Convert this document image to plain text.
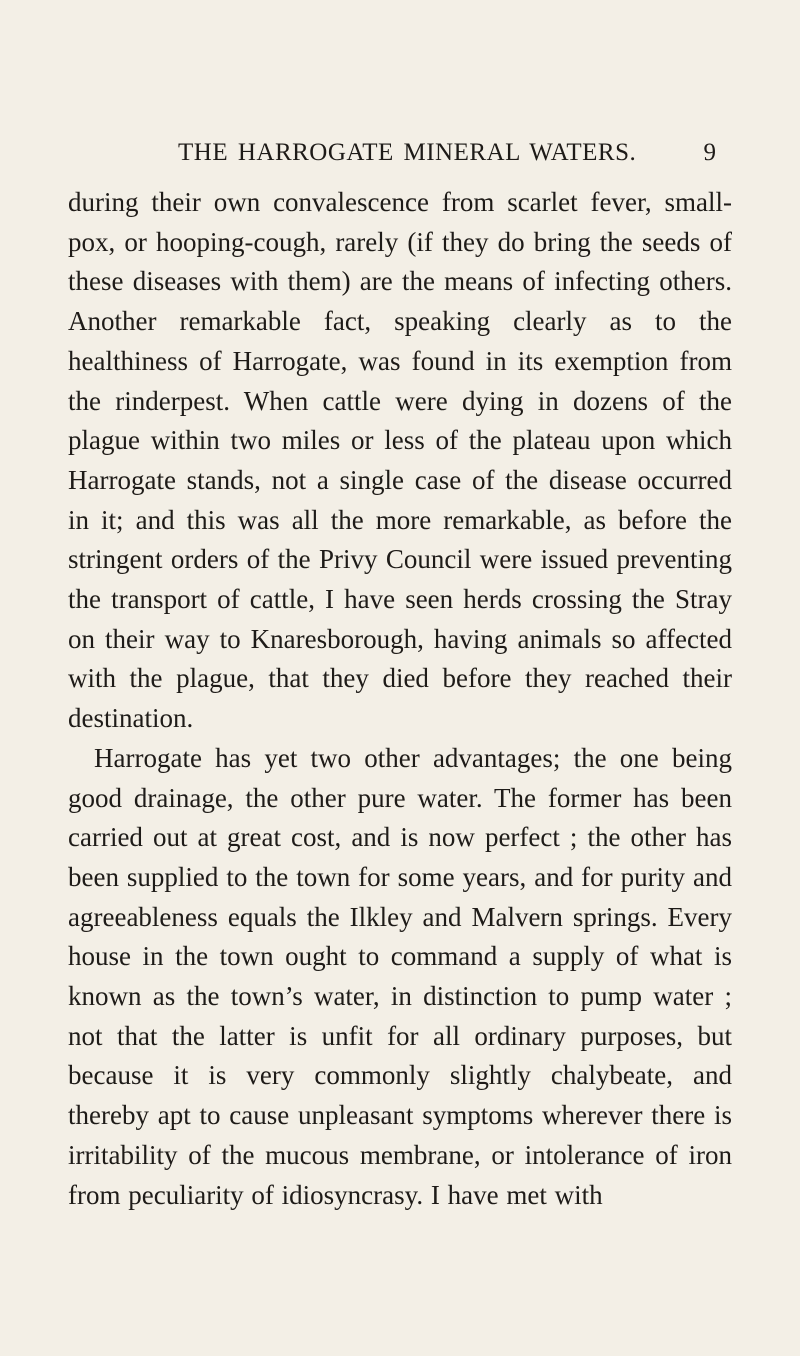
THE HARROGATE MINERAL WATERS.	9

during their own convalescence from scarlet fever, small-pox, or hooping-cough, rarely (if they do bring the seeds of these diseases with them) are the means of infecting others. Another remarkable fact, speaking clearly as to the healthiness of Harrogate, was found in its exemption from the rinderpest. When cattle were dying in dozens of the plague within two miles or less of the plateau upon which Harrogate stands, not a single case of the disease occurred in it; and this was all the more remarkable, as before the stringent orders of the Privy Council were issued preventing the transport of cattle, I have seen herds crossing the Stray on their way to Knaresborough, having animals so affected with the plague, that they died before they reached their destination.

Harrogate has yet two other advantages; the one being good drainage, the other pure water. The former has been carried out at great cost, and is now perfect ; the other has been supplied to the town for some years, and for purity and agreeableness equals the Ilkley and Malvern springs. Every house in the town ought to command a supply of what is known as the town’s water, in distinction to pump water ; not that the latter is unfit for all ordinary purposes, but because it is very commonly slightly chalybeate, and thereby apt to cause unpleasant symptoms wherever there is irritability of the mucous membrane, or intolerance of iron from peculiarity of idiosyncrasy. I have met with
